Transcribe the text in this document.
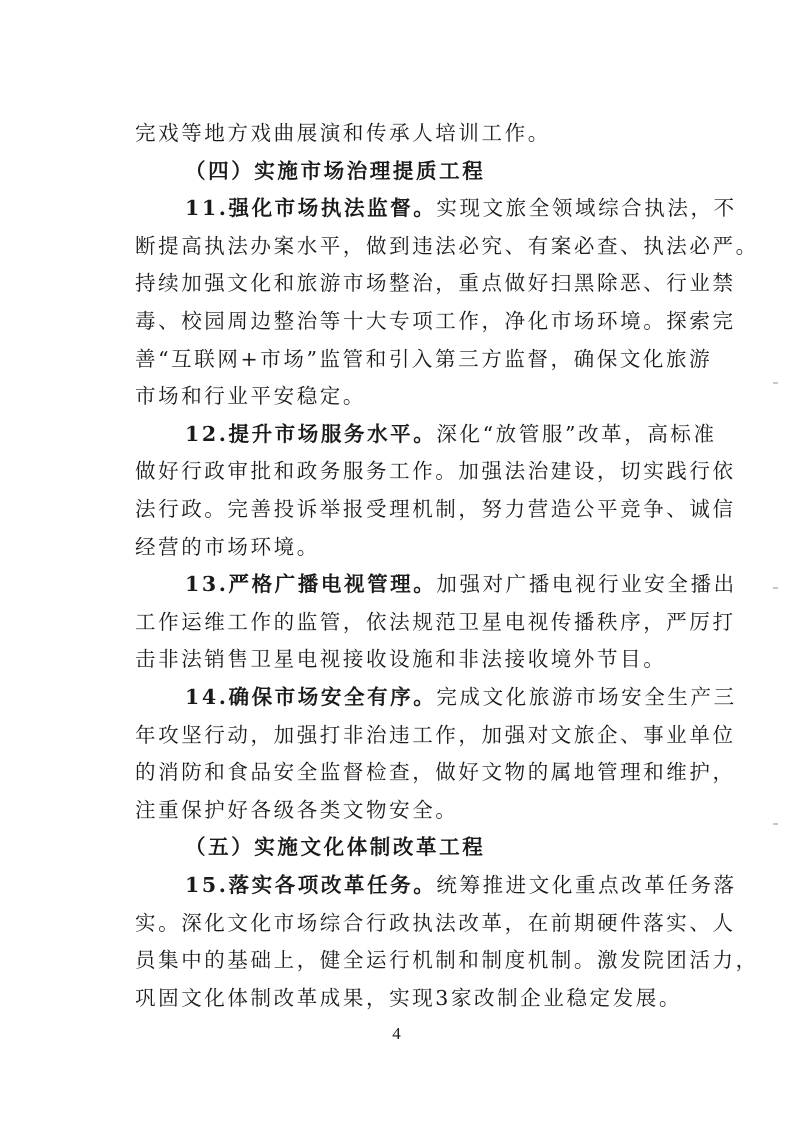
完戏等地方戏曲展演和传承人培训工作。
（四）实施市场治理提质工程
11.强化市场执法监督。实现文旅全领域综合执法，不
断提高执法办案水平，做到违法必究、有案必查、执法必严。
持续加强文化和旅游市场整治，重点做好扫黑除恶、行业禁
毒、校园周边整治等十大专项工作，净化市场环境。探索完
善“互联网+市场”监管和引入第三方监督，确保文化旅游
市场和行业平安稳定。
12.提升市场服务水平。深化“放管服”改革，高标准
做好行政审批和政务服务工作。加强法治建设，切实践行依
法行政。完善投诉举报受理机制，努力营造公平竞争、诚信
经营的市场环境。
13.严格广播电视管理。加强对广播电视行业安全播出
工作运维工作的监管，依法规范卫星电视传播秩序，严厉打
击非法销售卫星电视接收设施和非法接收境外节目。
14.确保市场安全有序。完成文化旅游市场安全生产三
年攻坚行动，加强打非治违工作，加强对文旅企、事业单位
的消防和食品安全监督检查，做好文物的属地管理和维护，
注重保护好各级各类文物安全。
（五）实施文化体制改革工程
15.落实各项改革任务。统筹推进文化重点改革任务落
实。深化文化市场综合行政执法改革，在前期硬件落实、人
员集中的基础上，健全运行机制和制度机制。激发院团活力，
巩固文化体制改革成果，实现3家改制企业稳定发展。
4
